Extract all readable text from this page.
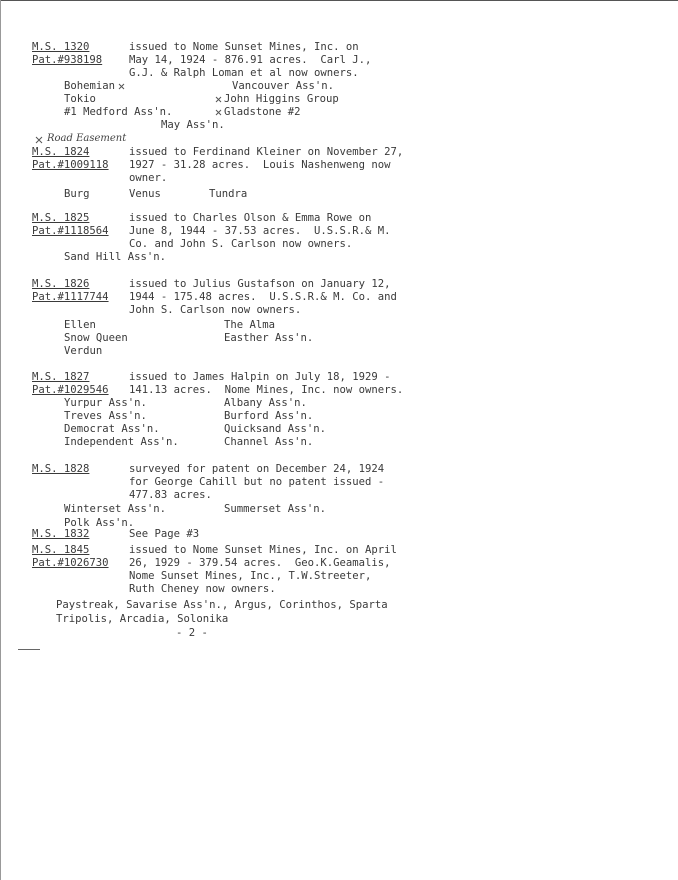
M.S. 1320
Pat.#938198
issued to Nome Sunset Mines, Inc. on
May 14, 1924 - 876.91 acres.  Carl J.,
G.J. & Ralph Loman et al now owners.
Bohemian	Vancouver Ass'n.
Tokio	John Higgins Group
#1 Medford Ass'n.	Gladstone #2
May Ass'n.
Road Easement
M.S. 1824
Pat.#1009118
issued to Ferdinand Kleiner on November 27,
1927 - 31.28 acres.  Louis Nashenweng now
owner.
Burg	Venus	Tundra
M.S. 1825
Pat.#1118564
issued to Charles Olson & Emma Rowe on
June 8, 1944 - 37.53 acres.  U.S.S.R.& M.
Co. and John S. Carlson now owners.
Sand Hill Ass'n.
M.S. 1826
Pat.#1117744
issued to Julius Gustafson on January 12,
1944 - 175.48 acres.  U.S.S.R.& M. Co. and
John S. Carlson now owners.
Ellen	The Alma
Snow Queen	Easther Ass'n.
Verdun
M.S. 1827
Pat.#1029546
issued to James Halpin on July 18, 1929 -
141.13 acres.  Nome Mines, Inc. now owners.
Yurpur Ass'n.	Albany Ass'n.
Treves Ass'n.	Burford Ass'n.
Democrat Ass'n.	Quicksand Ass'n.
Independent Ass'n.	Channel Ass'n.
M.S. 1828	surveyed for patent on December 24, 1924
for George Cahill but no patent issued -
477.83 acres.
Winterset Ass'n.	Summerset Ass'n.
Polk Ass'n.
M.S. 1832	See Page #3
M.S. 1845
Pat.#1026730
issued to Nome Sunset Mines, Inc. on April
26, 1929 - 379.54 acres.  Geo.K.Geamalis,
Nome Sunset Mines, Inc., T.W.Streeter,
Ruth Cheney now owners.
Paystreak, Savarise Ass'n., Argus, Corinthos, Sparta
Tripolis, Arcadia, Solonika
- 2 -
